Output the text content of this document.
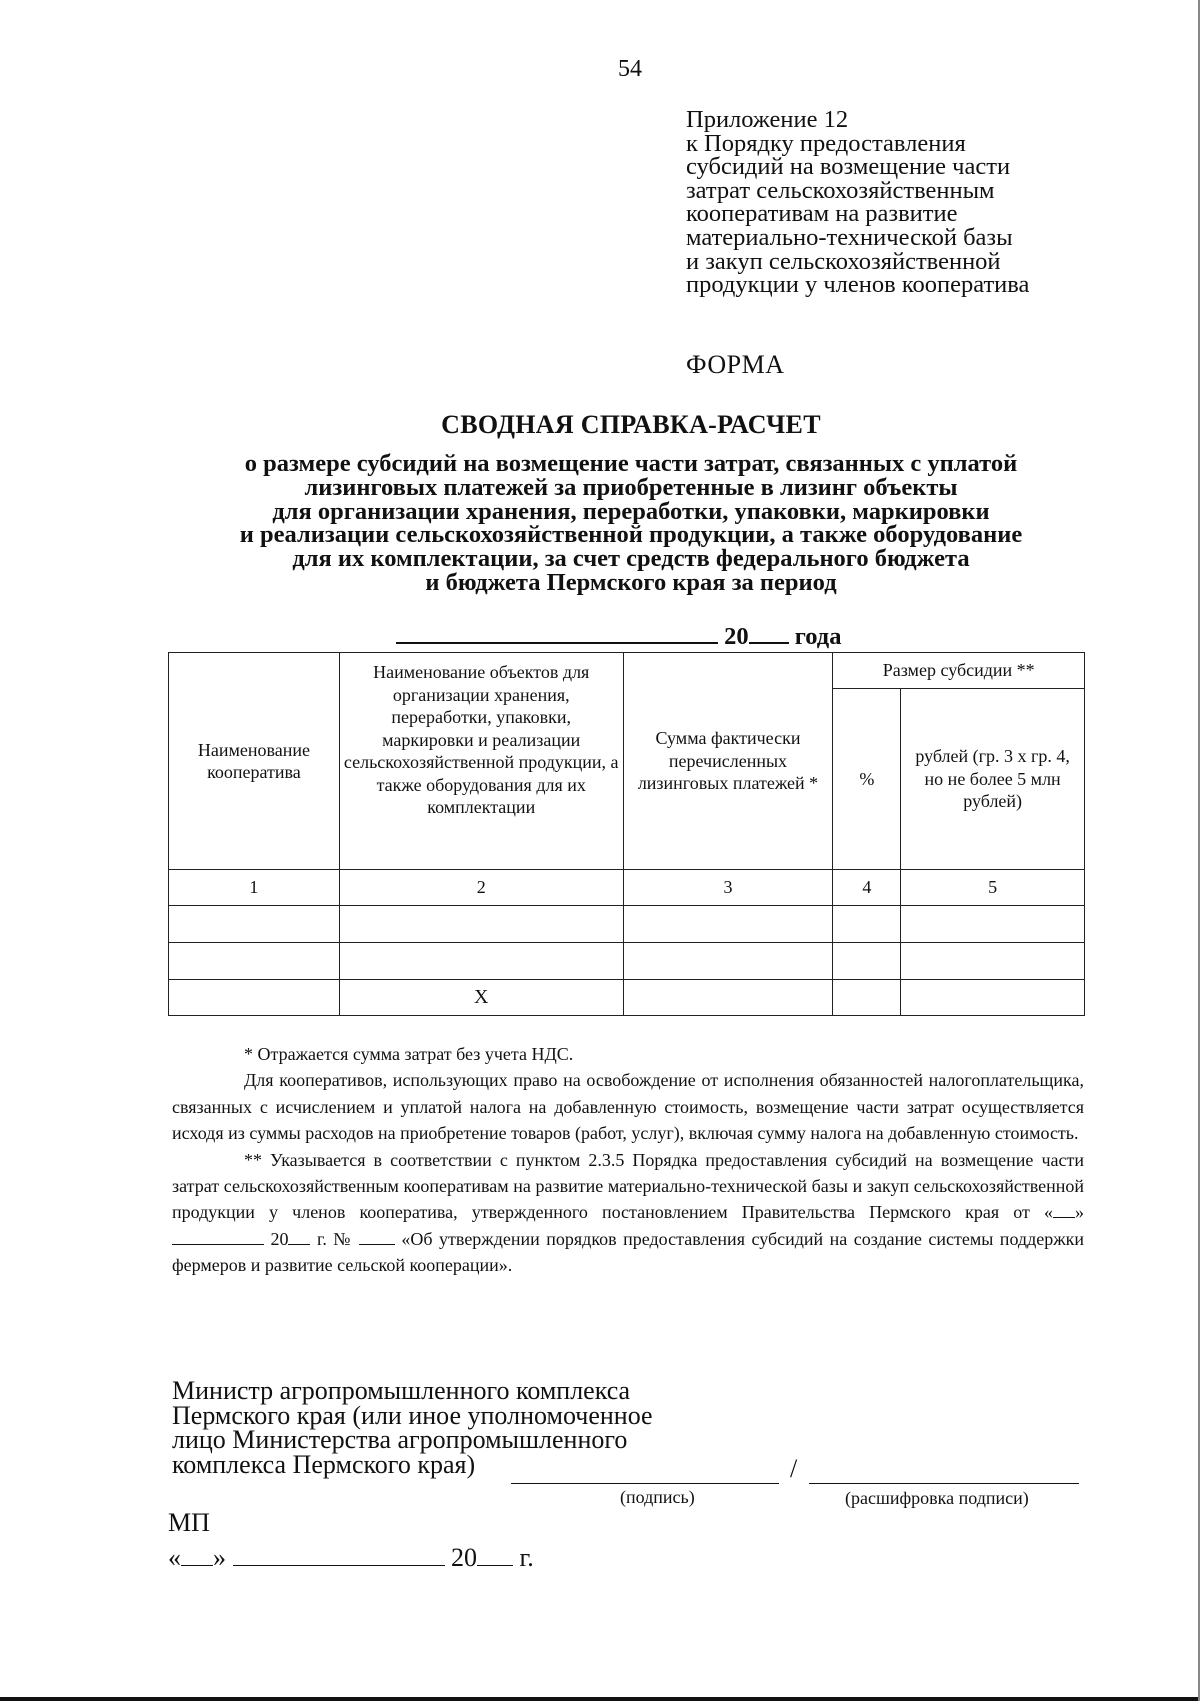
54
Приложение 12
к Порядку предоставления
субсидий на возмещение части
затрат сельскохозяйственным
кооперативам на развитие
материально-технической базы
и закуп сельскохозяйственной
продукции у членов кооператива
ФОРМА
СВОДНАЯ СПРАВКА-РАСЧЕТ
о размере субсидий на возмещение части затрат, связанных с уплатой
лизинговых платежей за приобретенные в лизинг объекты
для организации хранения, переработки, упаковки, маркировки
и реализации сельскохозяйственной продукции, а также оборудование
для их комплектации, за счет средств федерального бюджета
и бюджета Пермского края за период
20 года
Наименование кооператива	Наименование объектов для организации хранения, переработки, упаковки, маркировки и реализации сельскохозяйственной продукции, а также оборудования для их комплектации	Сумма фактически перечисленных лизинговых платежей *	Размер субсидии **	
			%	рублей (гр. 3 х гр. 4, но не более 5 млн рублей)
1	2	3	4	5

	Х			

* Отражается сумма затрат без учета НДС.

Для кооперативов, использующих право на освобождение от исполнения обязанностей налогоплательщика, связанных с исчислением и уплатой налога на добавленную стоимость, возмещение части затрат осуществляется исходя из суммы расходов на приобретение товаров (работ, услуг), включая сумму налога на добавленную стоимость.

** Указывается в соответствии с пунктом 2.3.5 Порядка предоставления субсидий на возмещение части затрат сельскохозяйственным кооперативам на развитие материально-технической базы и закуп сельскохозяйственной продукции у членов кооператива, утвержденного постановлением Правительства Пермского края от « »  20 г. №	«Об утверждении порядков предоставления субсидий на создание системы поддержки фермеров и развитие сельской кооперации».

Министр агропромышленного комплекса
Пермского края (или иное уполномоченное
лицо Министерства агропромышленного
комплекса Пермского края)	/
(подпись)	(расшифровка подписи)
МП
« »	20 г.
